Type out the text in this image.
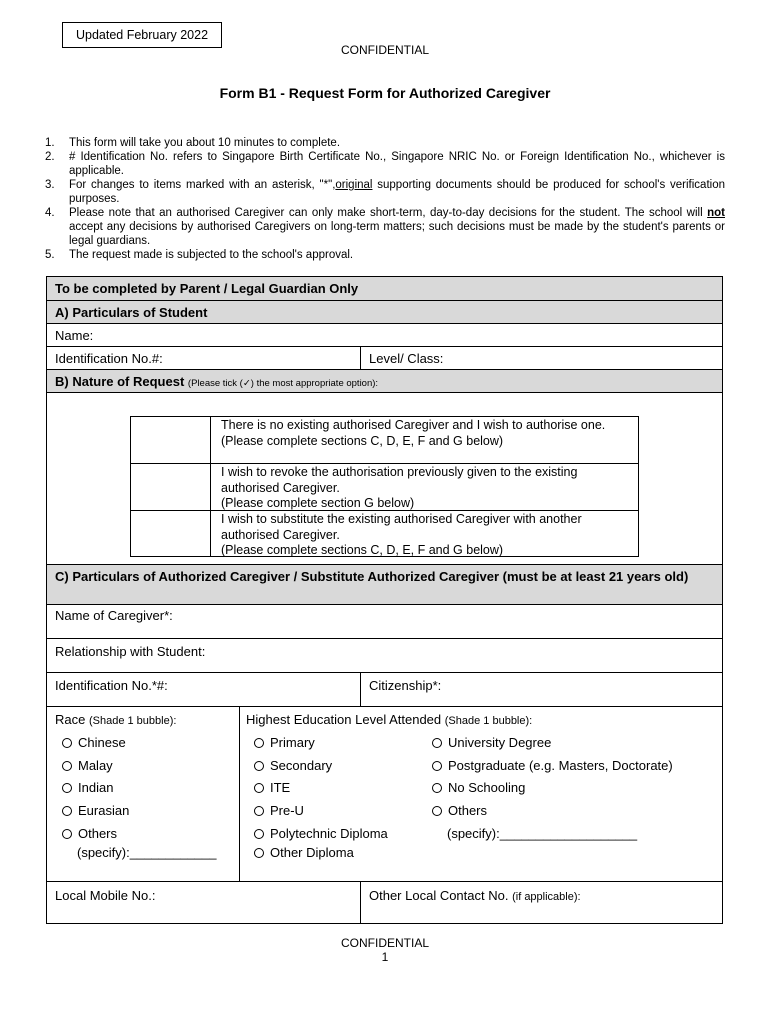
Updated February 2022
CONFIDENTIAL
Form B1 - Request Form for Authorized Caregiver
1. This form will take you about 10 minutes to complete.
2. # Identification No. refers to Singapore Birth Certificate No., Singapore NRIC No. or Foreign Identification No., whichever is applicable.
3. For changes to items marked with an asterisk, "*",original supporting documents should be produced for school's verification purposes.
4. Please note that an authorised Caregiver can only make short-term, day-to-day decisions for the student. The school will not accept any decisions by authorised Caregivers on long-term matters; such decisions must be made by the student's parents or legal guardians.
5. The request made is subjected to the school's approval.
To be completed by Parent / Legal Guardian Only
A) Particulars of Student
Name:
Identification No.#:	Level/ Class:
B) Nature of Request (Please tick (✓) the most appropriate option):
C) Particulars of Authorized Caregiver / Substitute Authorized Caregiver (must be at least 21 years old)
Name of Caregiver*:
Relationship with Student:
Identification No.*#:	Citizenship*:
Race (Shade 1 bubble):	Highest Education Level Attended (Shade 1 bubble):
Chinese
Malay
Indian
Eurasian
Others
(specify):____________
Primary
Secondary
ITE
Pre-U
Polytechnic Diploma
Other Diploma
University Degree
Postgraduate (e.g. Masters, Doctorate)
No Schooling
Others
(specify):___________________
Local Mobile No.:	Other Local Contact No. (if applicable):
There is no existing authorised Caregiver and I wish to authorise one.
(Please complete sections C, D, E, F and G below)
I wish to revoke the authorisation previously given to the existing authorised Caregiver.
(Please complete section G below)
I wish to substitute the existing authorised Caregiver with another authorised Caregiver.
(Please complete sections C, D, E, F and G below)
CONFIDENTIAL
1
